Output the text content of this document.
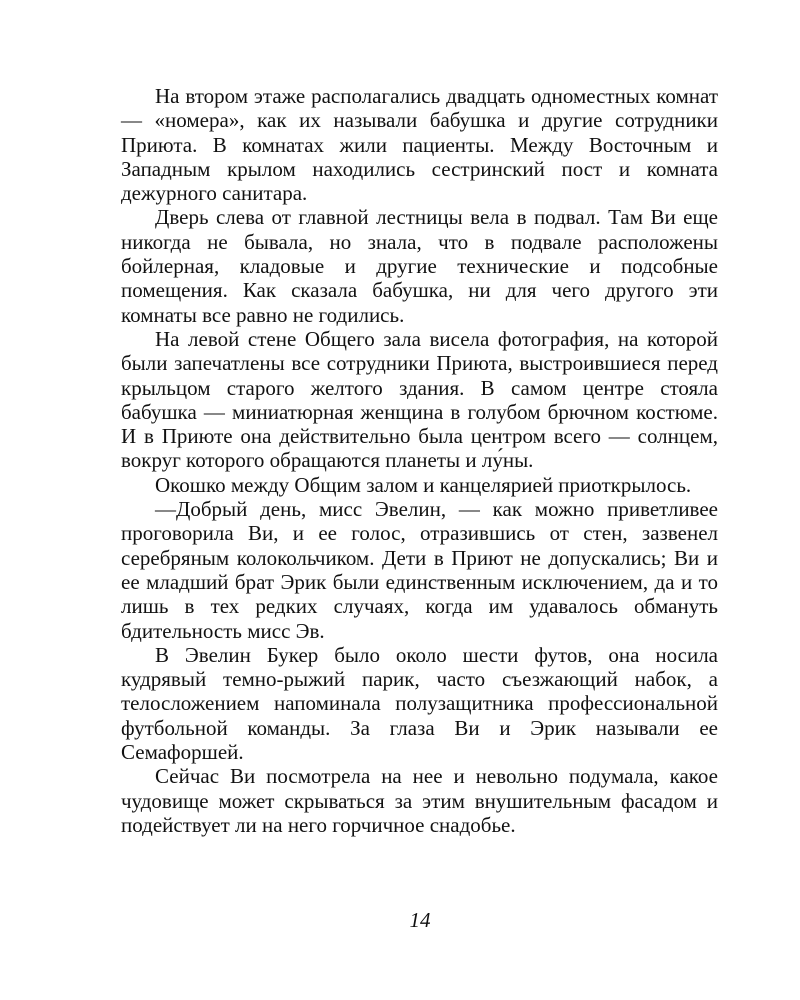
На втором этаже располагались двадцать одноместных комнат — «номера», как их называли бабушка и другие сотрудники Приюта. В комнатах жили пациенты. Между Восточным и Западным крылом находились сестринский пост и комната дежурного санитара.

Дверь слева от главной лестницы вела в подвал. Там Ви еще никогда не бывала, но знала, что в подвале расположены бойлерная, кладовые и другие технические и подсобные помещения. Как сказала бабушка, ни для чего другого эти комнаты все равно не годились.

На левой стене Общего зала висела фотография, на которой были запечатлены все сотрудники Приюта, выстроившиеся перед крыльцом старого желтого здания. В самом центре стояла бабушка — миниатюрная женщина в голубом брючном костюме. И в Приюте она действительно была центром всего — солнцем, вокруг которого обращаются планеты и лу́ны.

Окошко между Общим залом и канцелярией приоткрылось.

—Добрый день, мисс Эвелин, — как можно приветливее проговорила Ви, и ее голос, отразившись от стен, зазвенел серебряным колокольчиком. Дети в Приют не допускались; Ви и ее младший брат Эрик были единственным исключением, да и то лишь в тех редких случаях, когда им удавалось обмануть бдительность мисс Эв.

В Эвелин Букер было около шести футов, она носила кудрявый темно-рыжий парик, часто съезжающий набок, а телосложением напоминала полузащитника профессиональной футбольной команды. За глаза Ви и Эрик называли ее Семафоршей.

Сейчас Ви посмотрела на нее и невольно подумала, какое чудовище может скрываться за этим внушительным фасадом и подействует ли на него горчичное снадобье.

14
